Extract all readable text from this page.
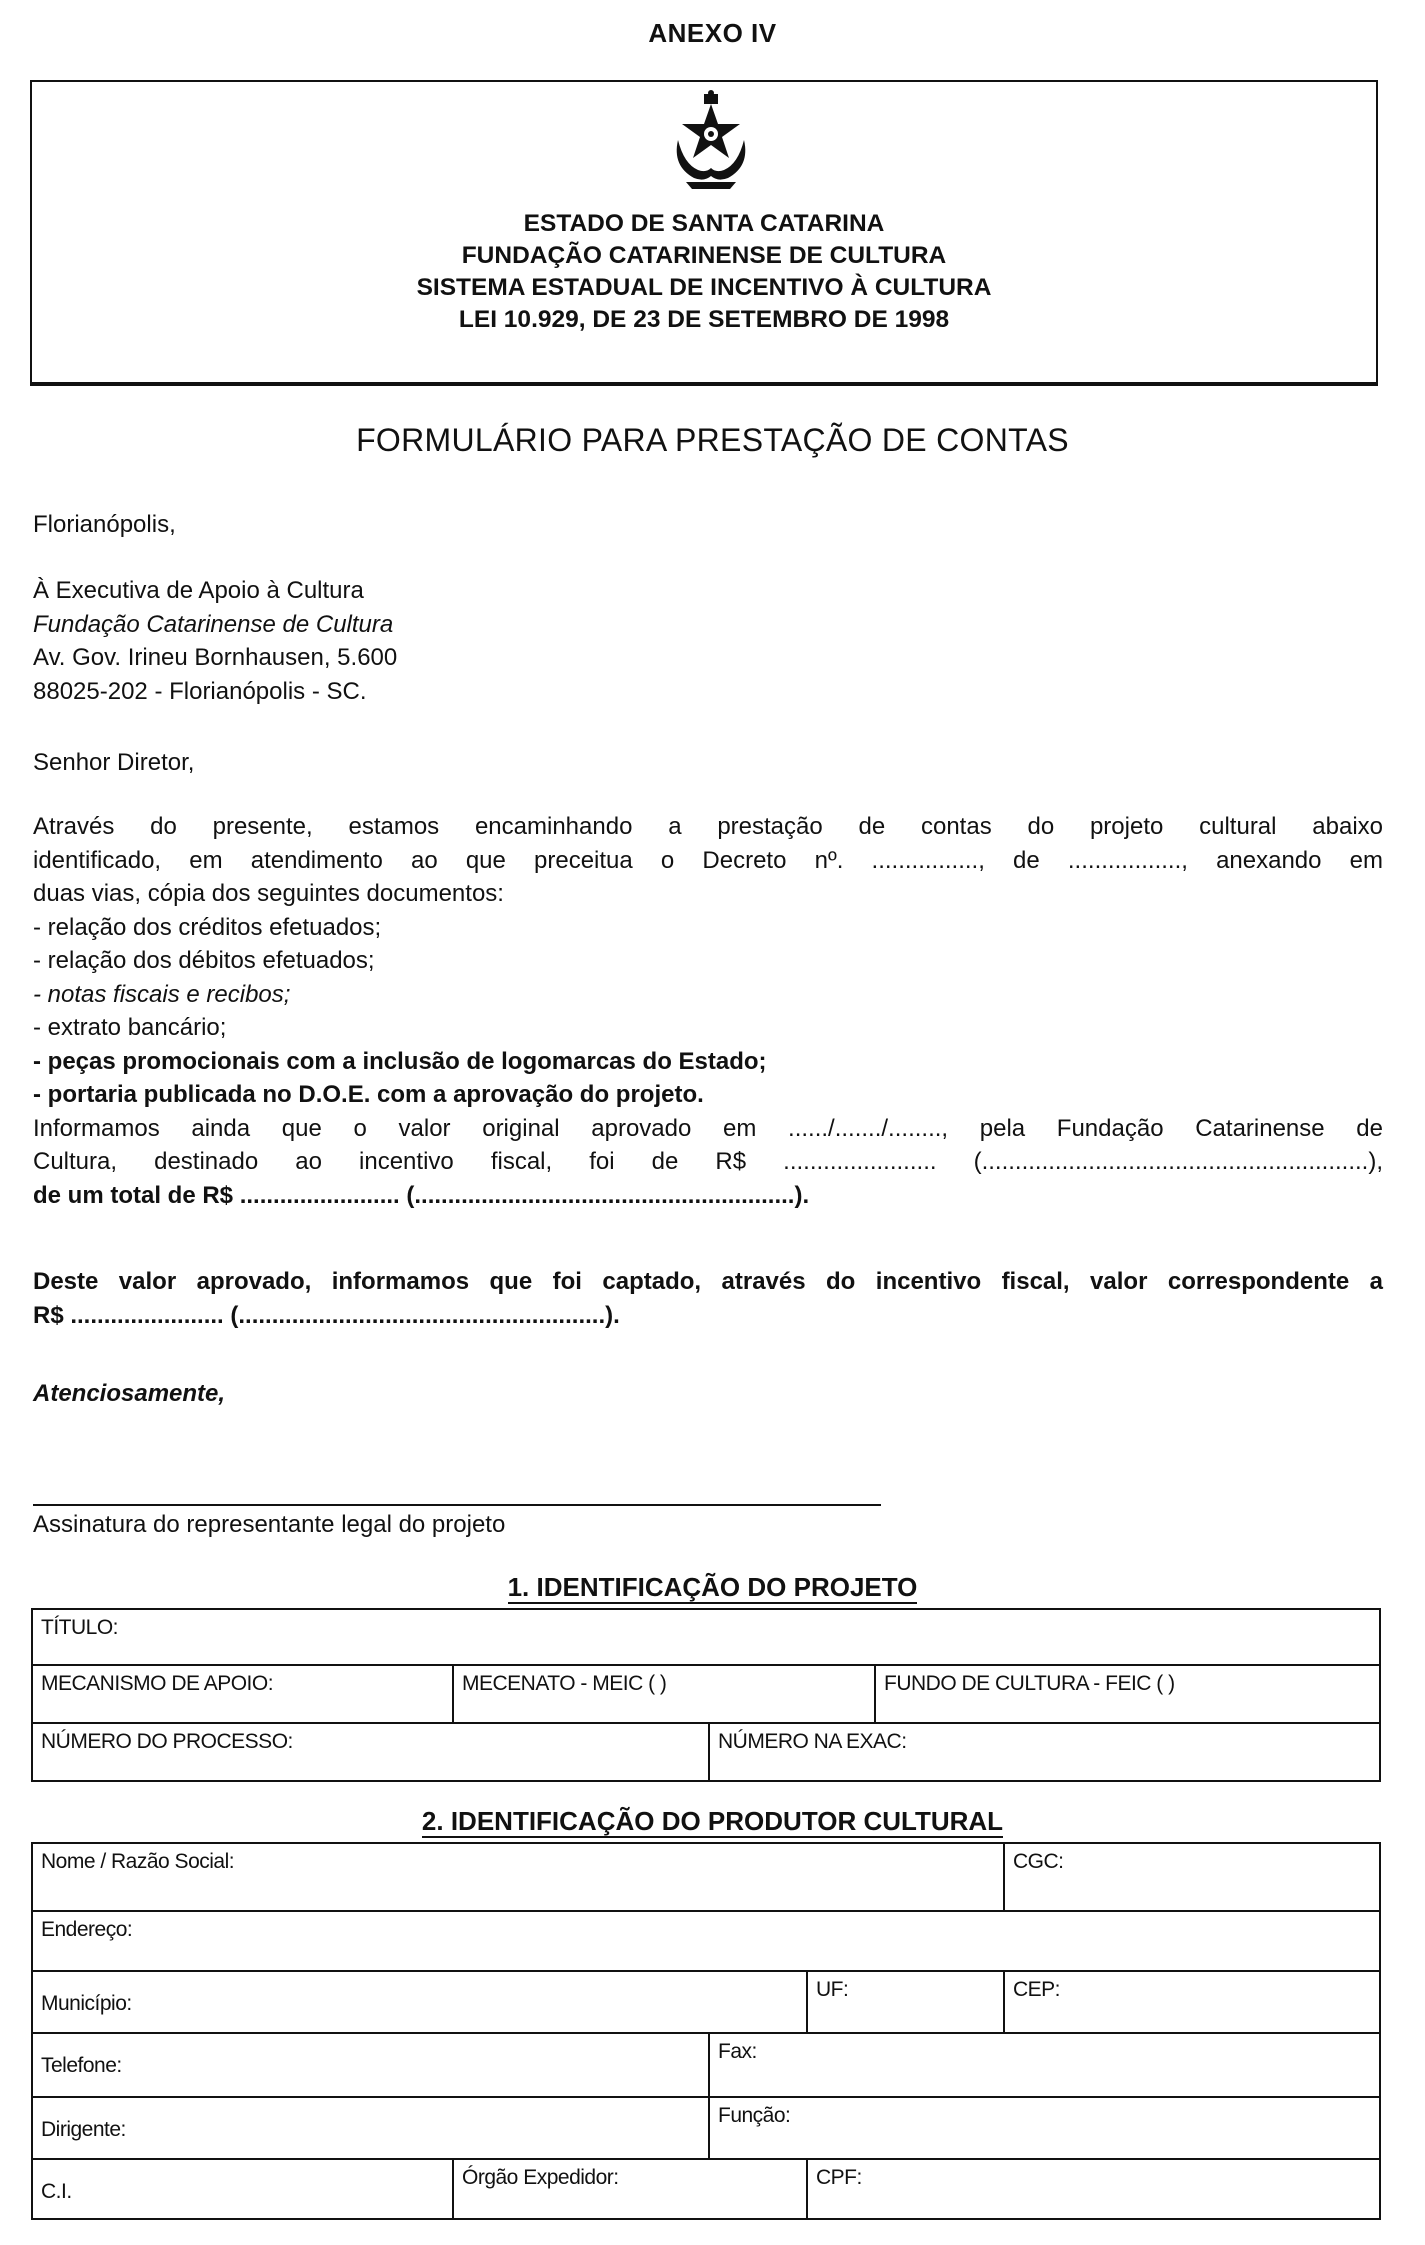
ANEXO IV
ESTADO DE SANTA CATARINA
FUNDAÇÃO CATARINENSE DE CULTURA
SISTEMA ESTADUAL DE INCENTIVO À CULTURA
LEI 10.929, DE 23 DE SETEMBRO DE 1998
FORMULÁRIO PARA PRESTAÇÃO DE CONTAS
Florianópolis,
À Executiva de Apoio à Cultura
Fundação Catarinense de Cultura
Av. Gov. Irineu Bornhausen, 5.600
88025-202 - Florianópolis - SC.
Senhor Diretor,

Através do presente, estamos encaminhando a prestação de contas do projeto cultural abaixo

identificado, em atendimento ao que preceitua o Decreto nº. ................, de ................., anexando em

duas vias, cópia dos seguintes documentos:

- relação dos créditos efetuados;

- relação dos débitos efetuados;

- notas fiscais e recibos;

- extrato bancário;

- peças promocionais com a inclusão de logomarcas do Estado;

- portaria publicada no D.O.E. com a aprovação do projeto.

Informamos ainda que o valor original aprovado em ....../......./........, pela Fundação Catarinense de

Cultura, destinado ao incentivo fiscal, foi de R$ ....................... (..........................................................),

de um total de R$ ........................ (.........................................................).

Deste valor aprovado, informamos que foi captado, através do incentivo fiscal, valor correspondente a

R$ ....................... (.......................................................).

Atenciosamente,
Assinatura do representante legal do projeto
1. IDENTIFICAÇÃO DO PROJETO
TÍTULO:			
MECANISMO DE APOIO:	MECENATO - MEIC ( )		FUNDO DE CULTURA - FEIC ( )
NÚMERO DO PROCESSO:		NÚMERO NA EXAC:	
2. IDENTIFICAÇÃO DO PRODUTOR CULTURAL
Nome / Razão Social:				CGC:
Endereço:				
Município:			UF:	CEP:
Telefone:		Fax:		
Dirigente:		Função:		
C.I.	Órgão Expedidor:		CPF:	
